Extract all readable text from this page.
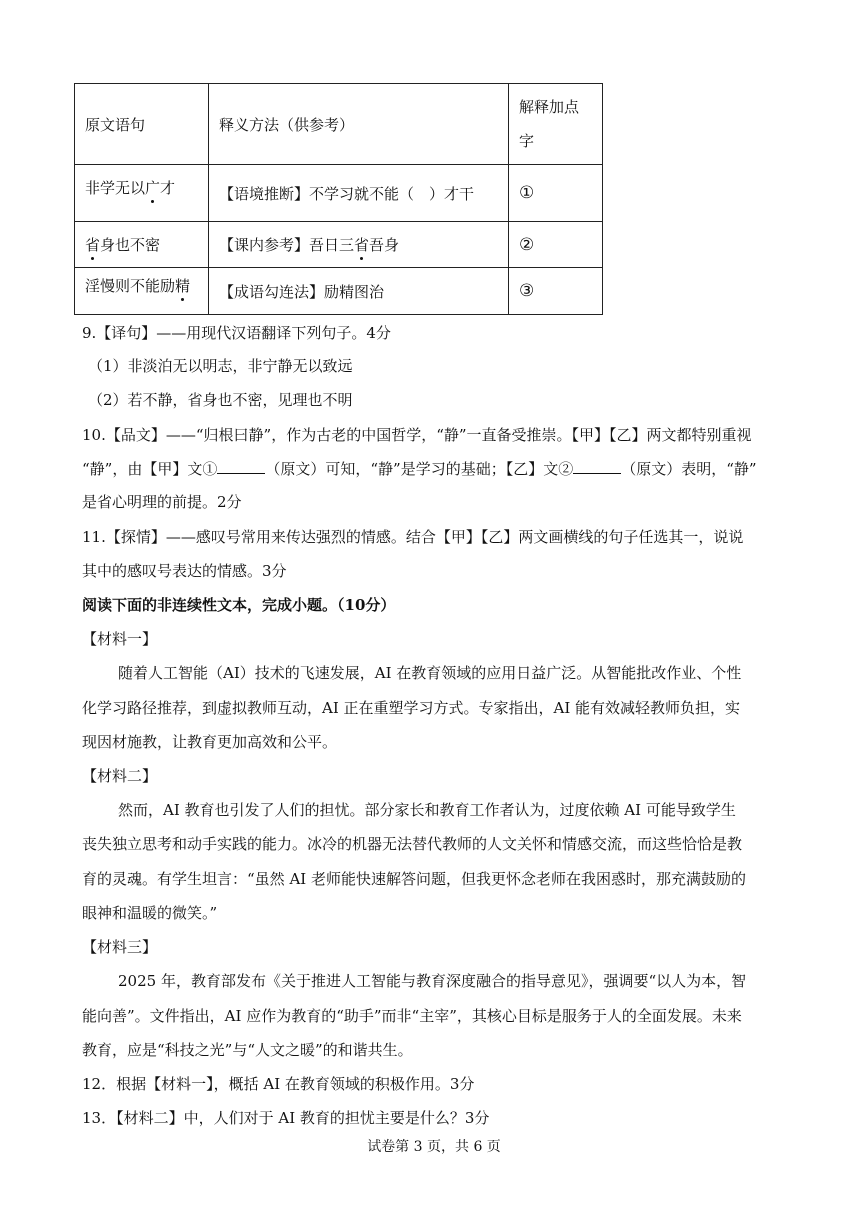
原文语句	释义方法（供参考）	解释加点字

非学无以广才	【语境推断】不学习就不能（　）才干	①
省身也不密	【课内参考】吾日三省吾身	②
淫慢则不能励精	【成语勾连法】励精图治	③
9.【译句】——用现代汉语翻译下列句子。4分
（1）非淡泊无以明志，非宁静无以致远
（2）若不静，省身也不密，见理也不明
10.【品文】——“归根曰静”，作为古老的中国哲学，“静”一直备受推崇。【甲】【乙】两文都特别重视
“静”，由【甲】文①	（原文）可知，“静”是学习的基础；【乙】文②	（原文）表明，“静”
是省心明理的前提。2分
11.【探情】——感叹号常用来传达强烈的情感。结合【甲】【乙】两文画横线的句子任选其一，说说
其中的感叹号表达的情感。3分
阅读下面的非连续性文本，完成小题。（10分）
【材料一】
随着人工智能（AI）技术的飞速发展，AI 在教育领域的应用日益广泛。从智能批改作业、个性
化学习路径推荐，到虚拟教师互动，AI 正在重塑学习方式。专家指出，AI 能有效减轻教师负担，实
现因材施教，让教育更加高效和公平。
【材料二】
然而，AI 教育也引发了人们的担忧。部分家长和教育工作者认为，过度依赖 AI 可能导致学生
丧失独立思考和动手实践的能力。冰冷的机器无法替代教师的人文关怀和情感交流，而这些恰恰是教
育的灵魂。有学生坦言：“虽然 AI 老师能快速解答问题，但我更怀念老师在我困惑时，那充满鼓励的
眼神和温暖的微笑。”
【材料三】
2025 年，教育部发布《关于推进人工智能与教育深度融合的指导意见》，强调要“以人为本，智
能向善”。文件指出，AI 应作为教育的“助手”而非“主宰”，其核心目标是服务于人的全面发展。未来
教育，应是“科技之光”与“人文之暖”的和谐共生。
12．根据【材料一】，概括 AI 在教育领域的积极作用。3分
13．【材料二】中，人们对于 AI 教育的担忧主要是什么？3分
试卷第 3 页，共 6 页
